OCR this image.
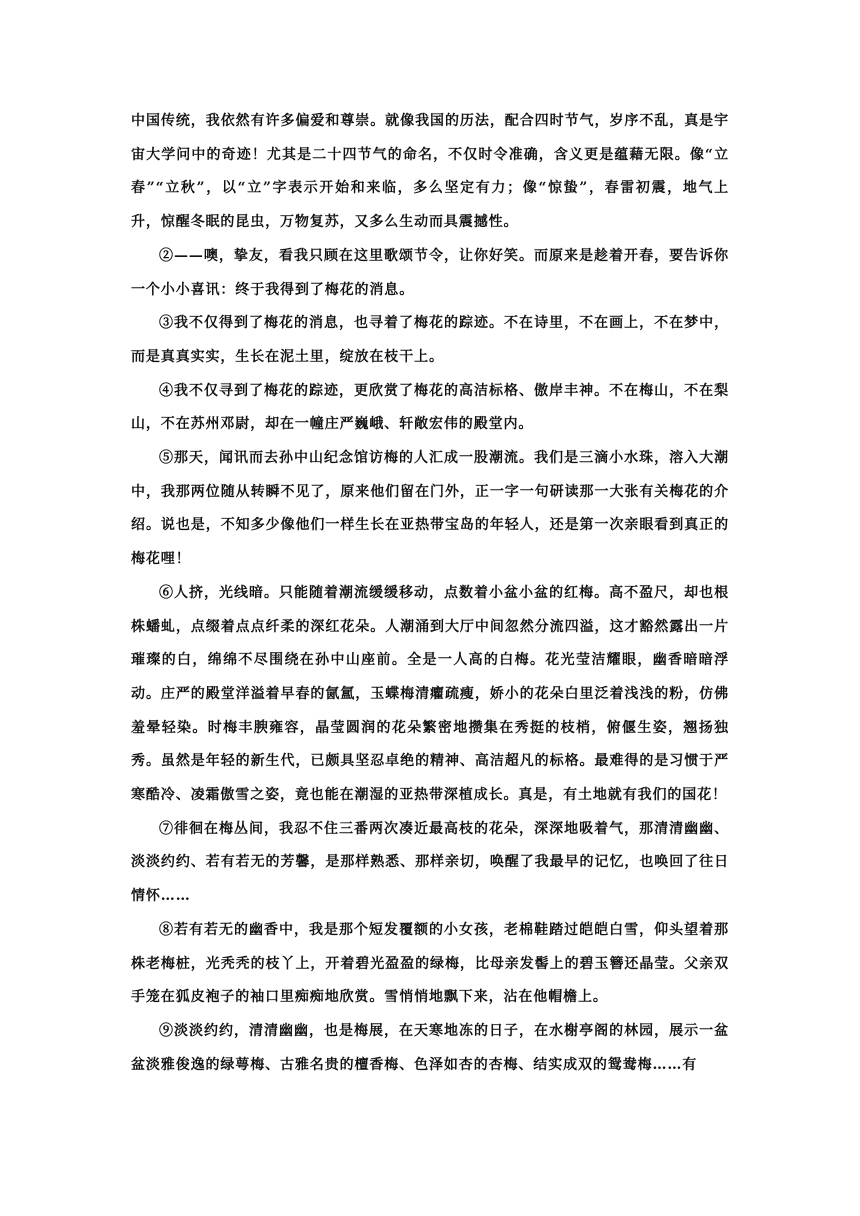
中国传统，我依然有许多偏爱和尊崇。就像我国的历法，配合四时节气，岁序不乱，真是宇宙大学问中的奇迹！尤其是二十四节气的命名，不仅时令准确，含义更是蕴藉无限。像“立春”“立秋”，以“立”字表示开始和来临，多么坚定有力；像“惊蛰”，春雷初震，地气上升，惊醒冬眠的昆虫，万物复苏，又多么生动而具震撼性。

②——噢，挚友，看我只顾在这里歌颂节令，让你好笑。而原来是趁着开春，要告诉你一个小小喜讯：终于我得到了梅花的消息。

③我不仅得到了梅花的消息，也寻着了梅花的踪迹。不在诗里，不在画上，不在梦中，而是真真实实，生长在泥土里，绽放在枝干上。

④我不仅寻到了梅花的踪迹，更欣赏了梅花的高洁标格、傲岸丰神。不在梅山，不在梨山，不在苏州邓尉，却在一幢庄严巍峨、轩敞宏伟的殿堂内。

⑤那天，闻讯而去孙中山纪念馆访梅的人汇成一股潮流。我们是三滴小水珠，溶入大潮中，我那两位随从转瞬不见了，原来他们留在门外，正一字一句研读那一大张有关梅花的介绍。说也是，不知多少像他们一样生长在亚热带宝岛的年轻人，还是第一次亲眼看到真正的梅花哩！

⑥人挤，光线暗。只能随着潮流缓缓移动，点数着小盆小盆的红梅。高不盈尺，却也根株蟠虬，点缀着点点纤柔的深红花朵。人潮涌到大厅中间忽然分流四溢，这才豁然露出一片璀璨的白，绵绵不尽围绕在孙中山座前。全是一人高的白梅。花光莹洁耀眼，幽香暗暗浮动。庄严的殿堂洋溢着早春的氤氲，玉蝶梅清癯疏瘦，娇小的花朵白里泛着浅浅的粉，仿佛羞晕轻染。时梅丰腴雍容，晶莹圆润的花朵繁密地攒集在秀挺的枝梢，俯偃生姿，翘扬独秀。虽然是年轻的新生代，已颇具坚忍卓绝的精神、高洁超凡的标格。最难得的是习惯于严寒酷冷、凌霜傲雪之姿，竟也能在潮湿的亚热带深植成长。真是，有土地就有我们的国花！

⑦徘徊在梅丛间，我忍不住三番两次凑近最高枝的花朵，深深地吸着气，那清清幽幽、淡淡约约、若有若无的芳馨，是那样熟悉、那样亲切，唤醒了我最早的记忆，也唤回了往日情怀……

⑧若有若无的幽香中，我是那个短发覆额的小女孩，老棉鞋踏过皑皑白雪，仰头望着那株老梅桩，光秃秃的枝丫上，开着碧光盈盈的绿梅，比母亲发髻上的碧玉簪还晶莹。父亲双手笼在狐皮袍子的袖口里痴痴地欣赏。雪悄悄地飘下来，沾在他帽檐上。

⑨淡淡约约，清清幽幽，也是梅展，在天寒地冻的日子，在水榭亭阁的林园，展示一盆盆淡雅俊逸的绿萼梅、古雅名贵的檀香梅、色泽如杏的杏梅、结实成双的鸳鸯梅……有
